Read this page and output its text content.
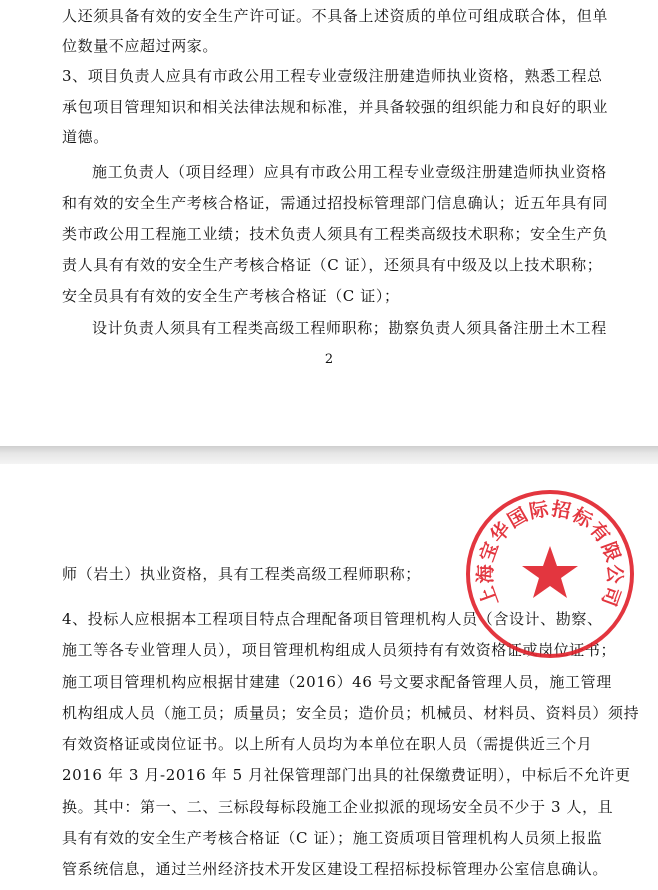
人还须具备有效的安全生产许可证。不具备上述资质的单位可组成联合体，但单
位数量不应超过两家。
3、项目负责人应具有市政公用工程专业壹级注册建造师执业资格，熟悉工程总
承包项目管理知识和相关法律法规和标准，并具备较强的组织能力和良好的职业
道德。
施工负责人（项目经理）应具有市政公用工程专业壹级注册建造师执业资格
和有效的安全生产考核合格证，需通过招投标管理部门信息确认；近五年具有同
类市政公用工程施工业绩；技术负责人须具有工程类高级技术职称；安全生产负
责人具有有效的安全生产考核合格证（C 证），还须具有中级及以上技术职称；
安全员具有有效的安全生产考核合格证（C 证）；
设计负责人须具有工程类高级工程师职称；勘察负责人须具备注册土木工程
2
师（岩土）执业资格，具有工程类高级工程师职称；
4、投标人应根据本工程项目特点合理配备项目管理机构人员（含设计、勘察、
施工等各专业管理人员），项目管理机构组成人员须持有有效资格证或岗位证书；
施工项目管理机构应根据甘建建（2016）46 号文要求配备管理人员，施工管理
机构组成人员（施工员；质量员；安全员；造价员；机械员、材料员、资料员）须持
有效资格证或岗位证书。以上所有人员均为本单位在职人员（需提供近三个月
2016 年 3 月-2016 年 5 月社保管理部门出具的社保缴费证明），中标后不允许更
换。其中：第一、二、三标段每标段施工企业拟派的现场安全员不少于 3 人，且
具有有效的安全生产考核合格证（C 证）；施工资质项目管理机构人员须上报监
管系统信息，通过兰州经济技术开发区建设工程招标投标管理办公室信息确认。
上
海
宝
华
国
际 招
标
有
限
公
司
